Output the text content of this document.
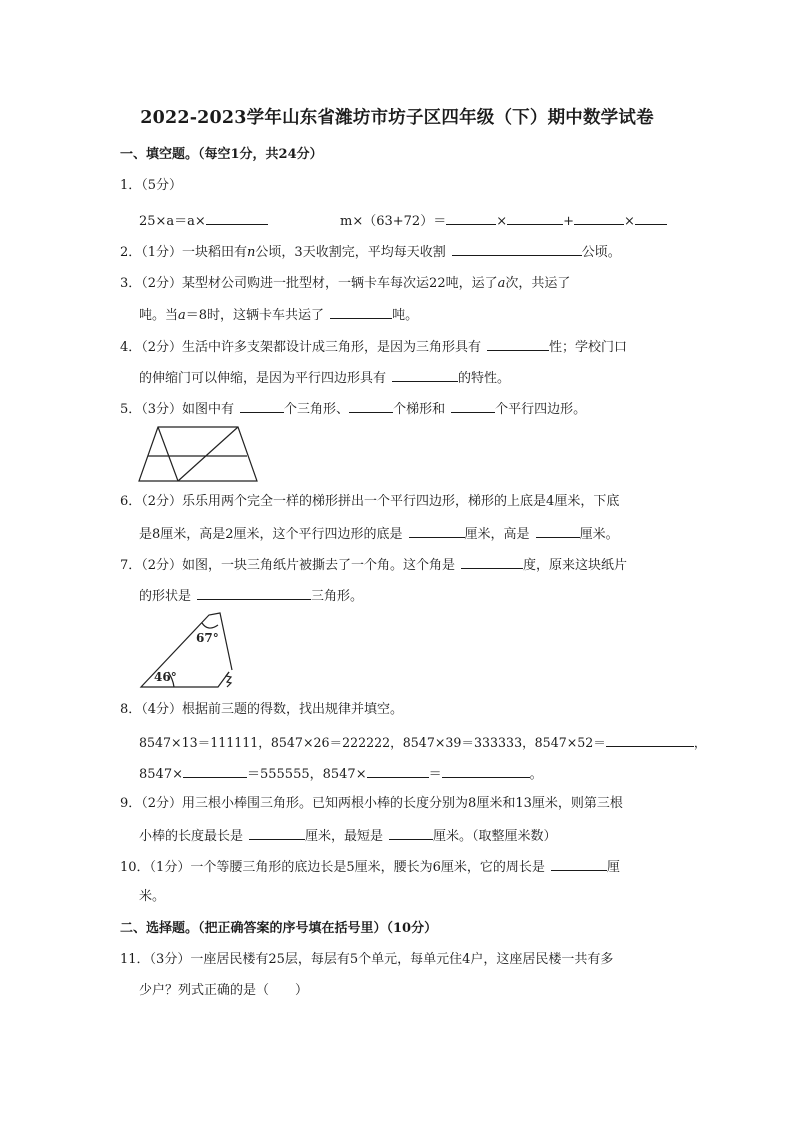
2022-2023学年山东省潍坊市坊子区四年级（下）期中数学试卷
一、填空题。（每空1分，共24分）
1．（5分）
25×a＝a×	m×（63+72）＝	×	+	×
2．（1分）一块稻田有n公顷，3天收割完，平均每天收割	公顷。
3．（2分）某型材公司购进一批型材，一辆卡车每次运22吨，运了a次，共运了
吨。当a＝8时，这辆卡车共运了	吨。
4．（2分）生活中许多支架都设计成三角形，是因为三角形具有	性；学校门口
的伸缩门可以伸缩，是因为平行四边形具有	的特性。
5．（3分）如图中有	个三角形、	个梯形和	个平行四边形。
6．（2分）乐乐用两个完全一样的梯形拼出一个平行四边形，梯形的上底是4厘米，下底
是8厘米，高是2厘米，这个平行四边形的底是	厘米，高是	厘米。
7．（2分）如图，一块三角纸片被撕去了一个角。这个角是	度，原来这块纸片
的形状是	三角形。
67°
46°
8．（4分）根据前三题的得数，找出规律并填空。
8547×13＝111111，8547×26＝222222，8547×39＝333333，8547×52＝	，
8547×	＝555555，8547×	＝	。
9．（2分）用三根小棒围三角形。已知两根小棒的长度分别为8厘米和13厘米，则第三根
小棒的长度最长是	厘米，最短是	厘米。（取整厘米数）
10．（1分）一个等腰三角形的底边长是5厘米，腰长为6厘米，它的周长是	厘
米。
二、选择题。（把正确答案的序号填在括号里）（10分）
11．（3分）一座居民楼有25层，每层有5个单元，每单元住4户，这座居民楼一共有多
少户？列式正确的是（　　）
